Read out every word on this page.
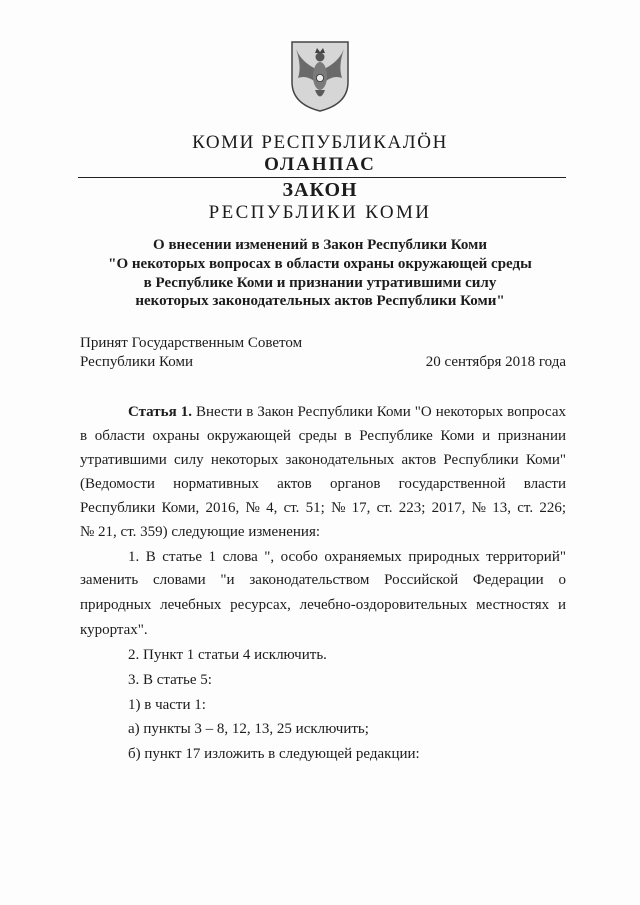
КОМИ РЕСПУБЛИКАЛӦН
ОЛАНПАС
ЗАКОН
РЕСПУБЛИКИ КОМИ
О внесении изменений в Закон Республики Коми
"О некоторых вопросах в области охраны окружающей среды
в Республике Коми и признании утратившими силу
некоторых законодательных актов Республики Коми"
Принят Государственным Советом
Республики Коми	20 сентября 2018 года
Статья 1. Внести в Закон Республики Коми "О некоторых вопросах
в области охраны окружающей среды в Республике Коми и признании
утратившими силу некоторых законодательных актов Республики Коми"
(Ведомости нормативных актов органов государственной власти
Республики Коми, 2016, № 4, ст. 51; № 17, ст. 223; 2017, № 13, ст. 226;
№ 21, ст. 359) следующие изменения:
1. В статье 1 слова ", особо охраняемых природных территорий"
заменить словами "и законодательством Российской Федерации о
природных лечебных ресурсах, лечебно-оздоровительных местностях и
курортах".
2. Пункт 1 статьи 4 исключить.
3. В статье 5:
1) в части 1:
а) пункты 3 – 8, 12, 13, 25 исключить;
б) пункт 17 изложить в следующей редакции:
